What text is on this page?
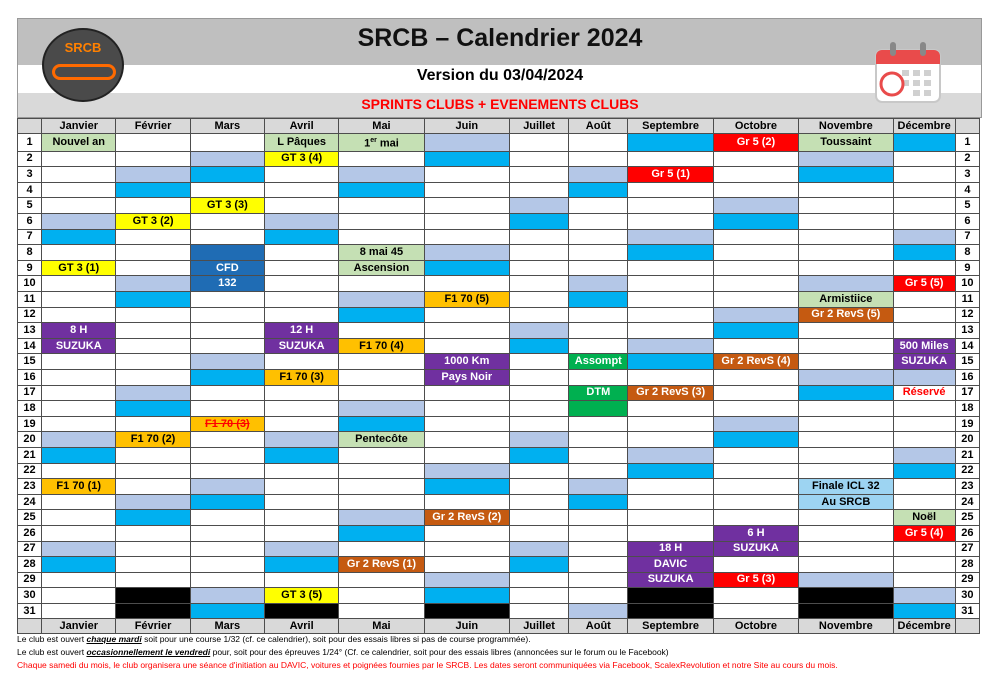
SRCB – Calendrier 2024
Version du 03/04/2024
SPRINTS CLUBS + EVENEMENTS CLUBS
SRCB
	Janvier	Février	Mars	Avril	Mai	Juin	Juillet	Août	Septembre	Octobre	Novembre	Décembre	
1	Nouvel an			L Pâques	1er mai					Gr 5 (2)	Toussaint		1
2				GT 3 (4)									2
3									Gr 5 (1)				3
4													4
5			GT 3 (3)										5
6		GT 3 (2)											6
7													7
8					8 mai 45								8
9	GT 3 (1)		CFD		Ascension								9
10			132									Gr 5 (5)	10
11						F1 70 (5)					Armistiice		11
12											Gr 2 RevS (5)		12
13	8 H			12 H									13
14	SUZUKA			SUZUKA	F1 70 (4)							500 Miles	14
15						1000 Km		Assompt		Gr 2 RevS (4)		SUZUKA	15
16				F1 70 (3)		Pays Noir							16
17								DTM	Gr 2 RevS (3)			Réservé	17
18													18
19			F1 70 (3)										19
20		F1 70 (2)			Pentecôte								20
21													21
22													22
23	F1 70 (1)										Finale ICL 32		23
24											Au SRCB		24
25						Gr 2 RevS (2)						Noël	25
26										6 H		Gr 5 (4)	26
27									18 H	SUZUKA			27
28					Gr 2 RevS (1)				DAVIC				28
29									SUZUKA	Gr 5 (3)			29
30				GT 3 (5)									30
31													31
	Janvier	Février	Mars	Avril	Mai	Juin	Juillet	Août	Septembre	Octobre	Novembre	Décembre	
Le club est ouvert chaque mardi soit pour une course 1/32 (cf. ce calendrier), soit pour des essais libres si pas de course programmée).
Le club est ouvert occasionnellement le vendredi pour, soit pour des épreuves 1/24° (Cf. ce calendrier, soit pour des essais libres (annoncées sur le forum ou le Facebook)
Chaque samedi du mois, le club organisera une séance d'initiation au DAVIC, voitures et poignées fournies par le SRCB. Les dates seront communiquées via Facebook, ScalexRevolution et notre Site au cours du mois.
